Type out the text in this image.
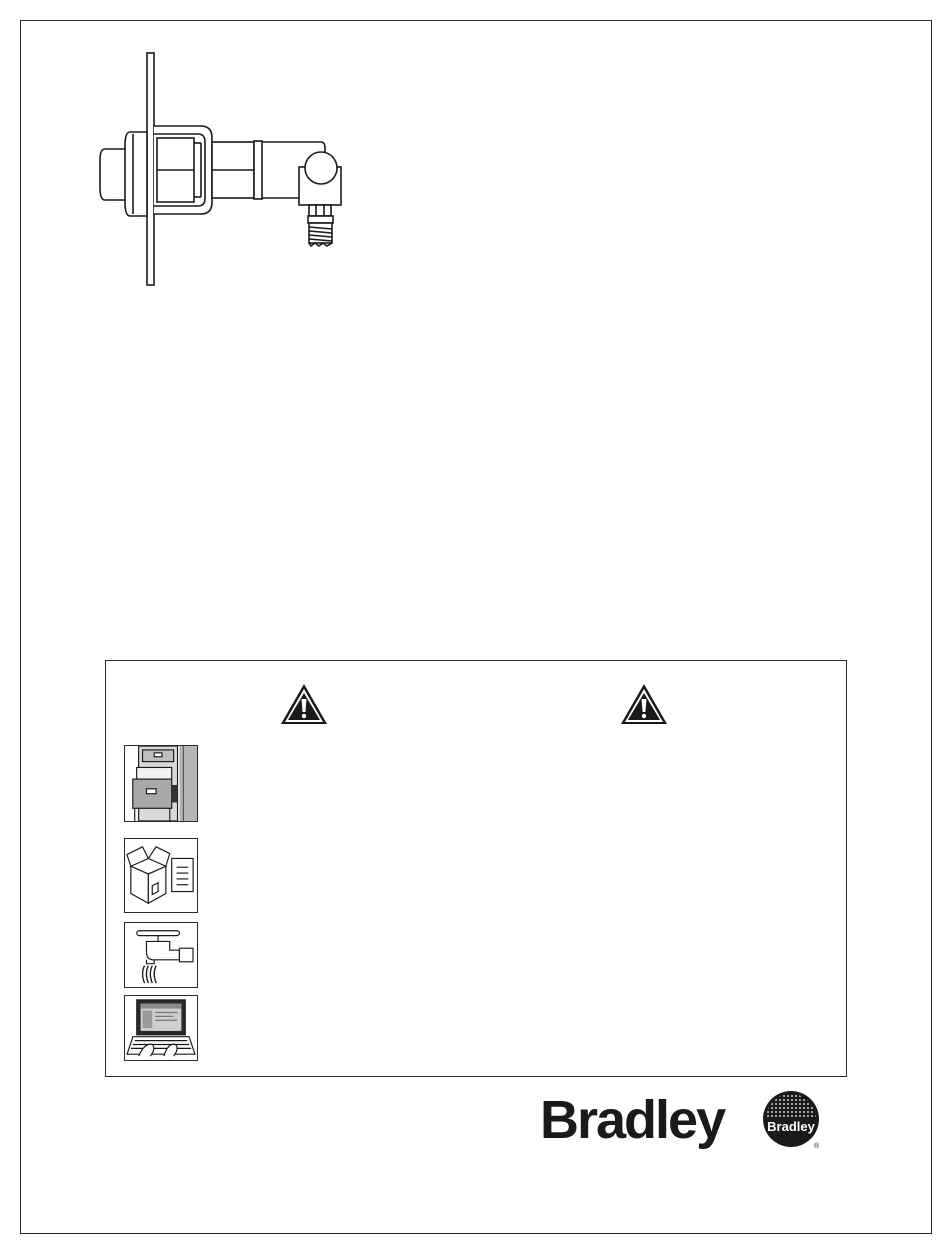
Bradley	Bradley
®
